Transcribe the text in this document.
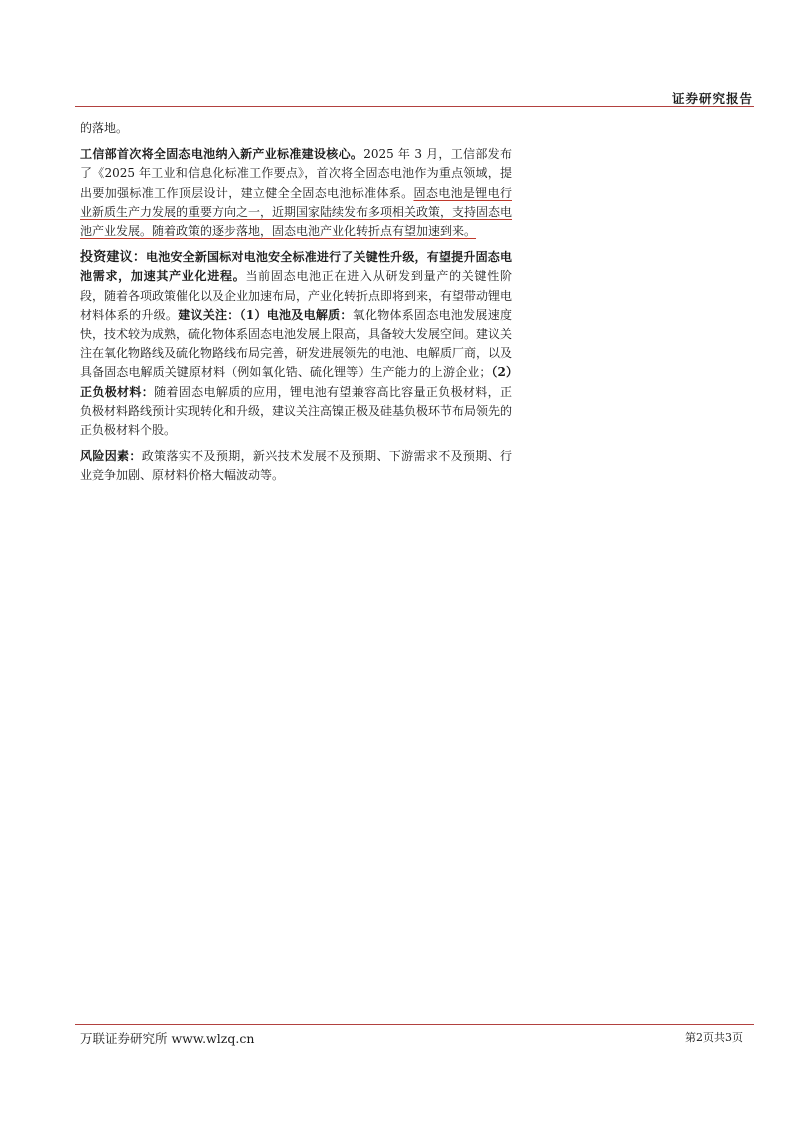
证券研究报告

的落地。

工信部首次将全固态电池纳入新产业标准建设核心。2025 年 3 月，工信部发布了《2025 年工业和信息化标准工作要点》，首次将全固态电池作为重点领域，提出要加强标准工作顶层设计，建立健全全固态电池标准体系。固态电池是锂电行业新质生产力发展的重要方向之一，近期国家陆续发布多项相关政策，支持固态电池产业发展。随着政策的逐步落地，固态电池产业化转折点有望加速到来。

投资建议：电池安全新国标对电池安全标准进行了关键性升级，有望提升固态电池需求，加速其产业化进程。当前固态电池正在进入从研发到量产的关键性阶段，随着各项政策催化以及企业加速布局，产业化转折点即将到来，有望带动锂电材料体系的升级。建议关注：（1）电池及电解质：氧化物体系固态电池发展速度快，技术较为成熟，硫化物体系固态电池发展上限高，具备较大发展空间。建议关注在氧化物路线及硫化物路线布局完善，研发进展领先的电池、电解质厂商，以及具备固态电解质关键原材料（例如氧化锆、硫化锂等）生产能力的上游企业；（2）正负极材料：随着固态电解质的应用，锂电池有望兼容高比容量正负极材料，正负极材料路线预计实现转化和升级，建议关注高镍正极及硅基负极环节布局领先的正负极材料个股。

风险因素：政策落实不及预期，新兴技术发展不及预期、下游需求不及预期、行业竞争加剧、原材料价格大幅波动等。

万联证券研究所 www.wlzq.cn	第2页共3页
